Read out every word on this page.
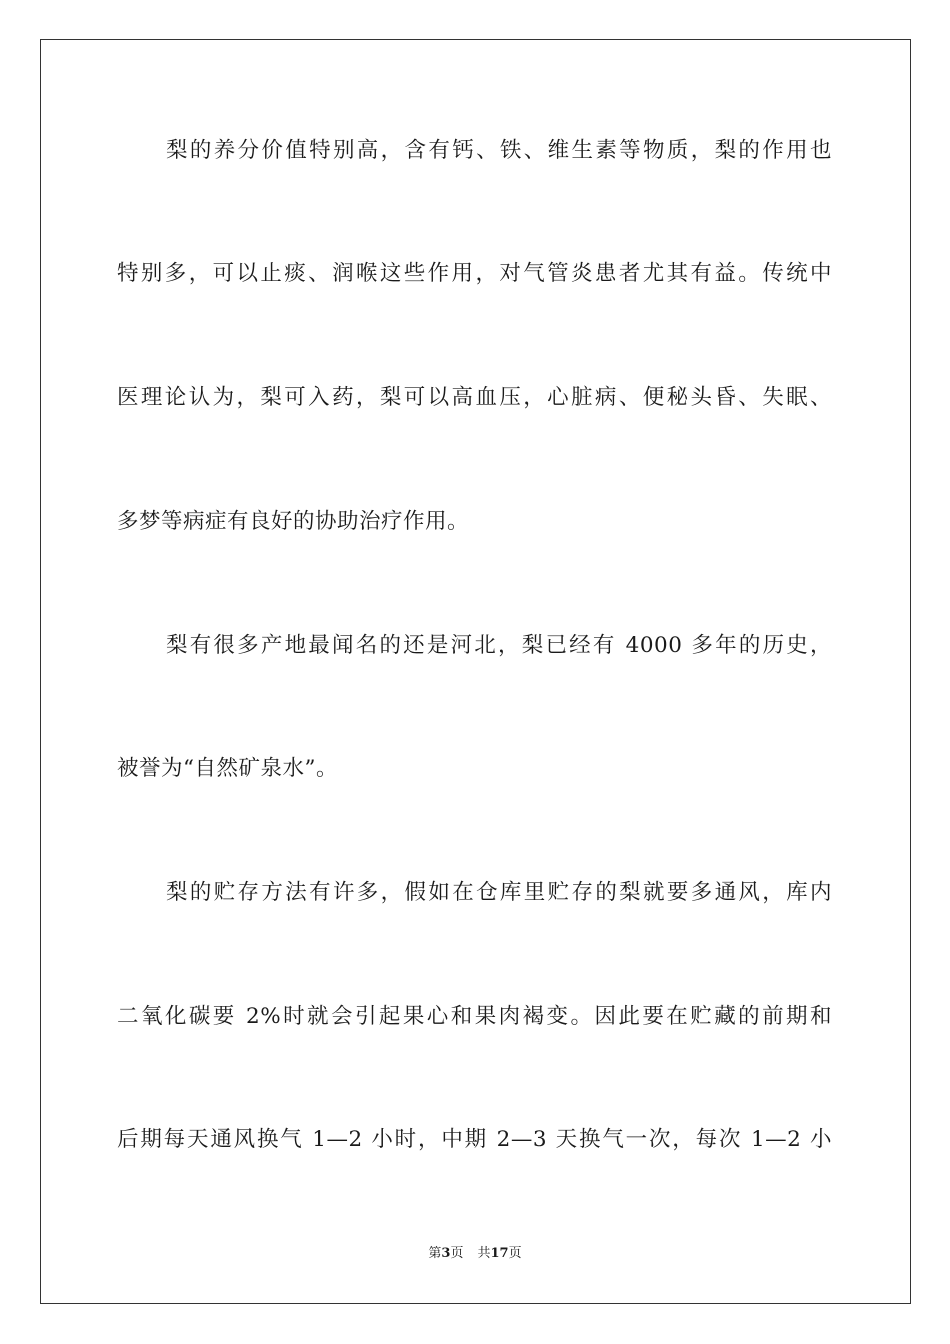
梨的养分价值特别高，含有钙、铁、维生素等物质，梨的作用也
特别多，可以止痰、润喉这些作用，对气管炎患者尤其有益。传统中
医理论认为，梨可入药，梨可以高血压，心脏病、便秘头昏、失眠、
多梦等病症有良好的协助治疗作用。
梨有很多产地最闻名的还是河北，梨已经有 4000 多年的历史，
被誉为“自然矿泉水”。
梨的贮存方法有许多，假如在仓库里贮存的梨就要多通风，库内
二氧化碳要 2%时就会引起果心和果肉褐变。因此要在贮藏的前期和
后期每天通风换气 1—2 小时，中期 2—3 天换气一次，每次 1—2 小
第3页 共17页
